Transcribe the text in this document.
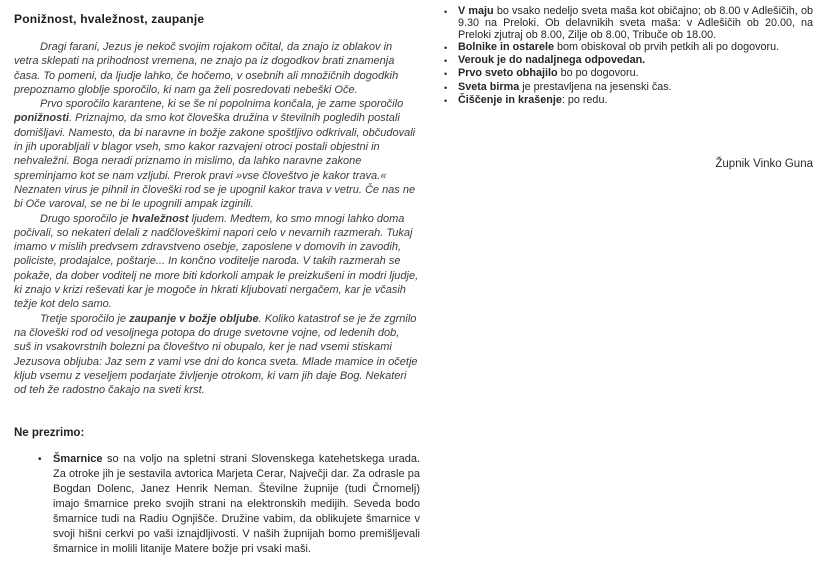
Ponižnost, hvaležnost, zaupanje

Dragi farani, Jezus je nekoč svojim rojakom očital, da znajo iz oblakov in vetra sklepati na prihodnost vremena, ne znajo pa iz dogodkov brati znamenja časa. To pomeni, da ljudje lahko, če hočemo, v osebnih ali množičnih dogodkih prepoznamo globlje sporočilo, ki nam ga želi posredovati nebeški Oče.

Prvo sporočilo karantene, ki se še ni popolnima končala, je zame sporočilo ponižnosti. Priznajmo, da smo kot človeška družina v številnih pogledih postali domišljavi. Namesto, da bi naravne in božje zakone spoštljivo odkrivali, občudovali in jih uporabljali v blagor vseh, smo kakor razvajeni otroci postali objestni in nehvaležni. Boga neradi priznamo in mislimo, da lahko naravne zakone spreminjamo kot se nam vzljubi. Prerok pravi »vse človeštvo je kakor trava.« Neznaten virus je pihnil in človeški rod se je upognil kakor trava v vetru. Če nas ne bi Oče varoval, se ne bi le upognili ampak izginili.

Drugo sporočilo je hvaležnost ljudem. Medtem, ko smo mnogi lahko doma počivali, so nekateri delali z nadčloveškimi napori celo v nevarnih razmerah. Tukaj imamo v mislih predvsem zdravstveno osebje, zaposlene v domovih in zavodih, policiste, prodajalce, poštarje... In končno voditelje naroda. V takih razmerah se pokaže, da dober voditelj ne more biti kdorkoli ampak le preizkušeni in modri ljudje, ki znajo v krizi reševati kar je mogoče in hkrati kljubovati nergačem, kar je včasih težje kot delo samo.

Tretje sporočilo je zaupanje v božje obljube. Koliko katastrof se je že zgrnilo na človeški rod od vesoljnega potopa do druge svetovne vojne, od ledenih dob, suš in vsakovrstnih bolezni pa človeštvo ni obupalo, ker je nad vsemi stiskami Jezusova obljuba: Jaz sem z vami vse dni do konca sveta. Mlade mamice in očetje kljub vsemu z veseljem podarjate življenje otrokom, ki vam jih daje Bog. Nekateri od teh že radostno čakajo na sveti krst.

Ne prezrimo:
•	Šmarnice so na voljo na spletni strani Slovenskega katehetskega urada. Za otroke jih je sestavila avtorica Marjeta Cerar, Največji dar. Za odrasle pa Bogdan Dolenc, Janez Henrik Neman. Številne župnije (tudi Črnomelj) imajo šmarnice preko svojih strani na elektronskih medijih. Seveda bodo šmarnice tudi na Radiu Ognjišče. Družine vabim, da oblikujete šmarnice v svoji hišni cerkvi po vaši iznajdljivosti. V naših župnijah bomo premišljevali šmarnice in molili litanije Matere božje pri vsaki maši.
•	V maju bo vsako nedeljo sveta maša kot običajno; ob 8.00 v Adlešičih, ob 9.30 na Preloki. Ob delavnikih sveta maša: v Adlešičih ob 20.00, na Preloki zjutraj ob 8.00, Zilje ob 8.00, Tribuče ob 18.00.
•	Bolnike in ostarele bom obiskoval ob prvih petkih ali po dogovoru.
•	Verouk je do nadaljnega odpovedan.
•	Prvo sveto obhajilo bo po dogovoru.
•	Sveta birma je prestavljena na jesenski čas.
•	Čiščenje in krašenje: po redu.
Župnik Vinko Guna
